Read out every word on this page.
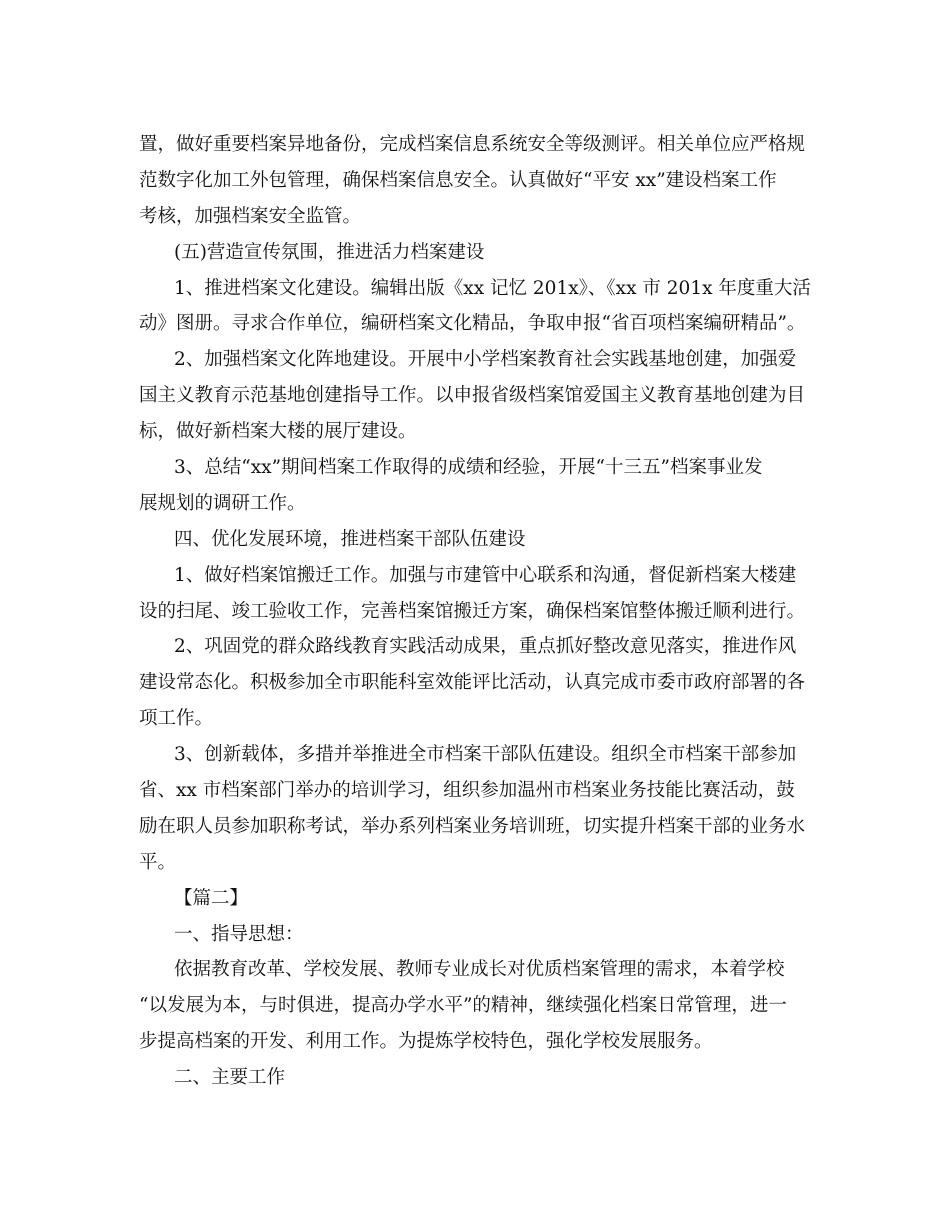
置，做好重要档案异地备份，完成档案信息系统安全等级测评。相关单位应严格规
范数字化加工外包管理，确保档案信息安全。认真做好“平安 xx”建设档案工作
考核，加强档案安全监管。
(五)营造宣传氛围，推进活力档案建设
1、推进档案文化建设。编辑出版《xx 记忆 201x》、《xx 市 201x 年度重大活
动》图册。寻求合作单位，编研档案文化精品，争取申报“省百项档案编研精品”。
2、加强档案文化阵地建设。开展中小学档案教育社会实践基地创建，加强爱
国主义教育示范基地创建指导工作。以申报省级档案馆爱国主义教育基地创建为目
标，做好新档案大楼的展厅建设。
3、总结“xx”期间档案工作取得的成绩和经验，开展“十三五”档案事业发
展规划的调研工作。
四、优化发展环境，推进档案干部队伍建设
1、做好档案馆搬迁工作。加强与市建管中心联系和沟通，督促新档案大楼建
设的扫尾、竣工验收工作，完善档案馆搬迁方案，确保档案馆整体搬迁顺利进行。
2、巩固党的群众路线教育实践活动成果，重点抓好整改意见落实，推进作风
建设常态化。积极参加全市职能科室效能评比活动，认真完成市委市政府部署的各
项工作。
3、创新载体，多措并举推进全市档案干部队伍建设。组织全市档案干部参加
省、xx 市档案部门举办的培训学习，组织参加温州市档案业务技能比赛活动，鼓
励在职人员参加职称考试，举办系列档案业务培训班，切实提升档案干部的业务水
平。
【篇二】
一、指导思想：
依据教育改革、学校发展、教师专业成长对优质档案管理的需求，本着学校
“以发展为本，与时俱进，提高办学水平”的精神，继续强化档案日常管理，进一
步提高档案的开发、利用工作。为提炼学校特色，强化学校发展服务。
二、主要工作
